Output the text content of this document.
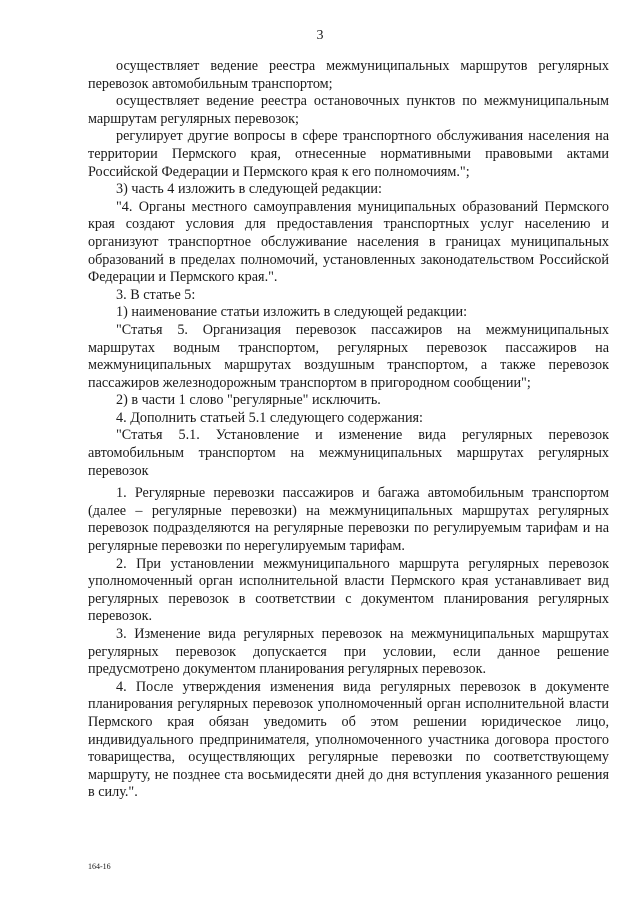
3

осуществляет ведение реестра межмуниципальных маршрутов регулярных перевозок автомобильным транспортом;

осуществляет ведение реестра остановочных пунктов по межмуниципальным маршрутам регулярных перевозок;

регулирует другие вопросы в сфере транспортного обслуживания населения на территории Пермского края, отнесенные нормативными правовыми актами Российской Федерации и Пермского края к его полномочиям.";

3) часть 4 изложить в следующей редакции:

"4. Органы местного самоуправления муниципальных образований Пермского края создают условия для предоставления транспортных услуг населению и организуют транспортное обслуживание населения в границах муниципальных образований в пределах полномочий, установленных законодательством Российской Федерации и Пермского края.".

3. В статье 5:

1) наименование статьи изложить в следующей редакции:

"Статья 5. Организация перевозок пассажиров на межмуниципальных маршрутах водным транспортом, регулярных перевозок пассажиров на межмуниципальных маршрутах воздушным транспортом, а также перевозок пассажиров железнодорожным транспортом в пригородном сообщении";

2) в части 1 слово "регулярные" исключить.

4. Дополнить статьей 5.1 следующего содержания:

"Статья 5.1. Установление и изменение вида регулярных перевозок автомобильным транспортом на межмуниципальных маршрутах регулярных перевозок

1. Регулярные перевозки пассажиров и багажа автомобильным транспортом (далее – регулярные перевозки) на межмуниципальных маршрутах регулярных перевозок подразделяются на регулярные перевозки по регулируемым тарифам и на регулярные перевозки по нерегулируемым тарифам.

2. При установлении межмуниципального маршрута регулярных перевозок уполномоченный орган исполнительной власти Пермского края устанавливает вид регулярных перевозок в соответствии с документом планирования регулярных перевозок.

3. Изменение вида регулярных перевозок на межмуниципальных маршрутах регулярных перевозок допускается при условии, если данное решение предусмотрено документом планирования регулярных перевозок.

4. После утверждения изменения вида регулярных перевозок в документе планирования регулярных перевозок уполномоченный орган исполнительной власти Пермского края обязан уведомить об этом решении юридическое лицо, индивидуального предпринимателя, уполномоченного участника договора простого товарищества, осуществляющих регулярные перевозки по соответствующему маршруту, не позднее ста восьмидесяти дней до дня вступления указанного решения в силу.".

164-16
